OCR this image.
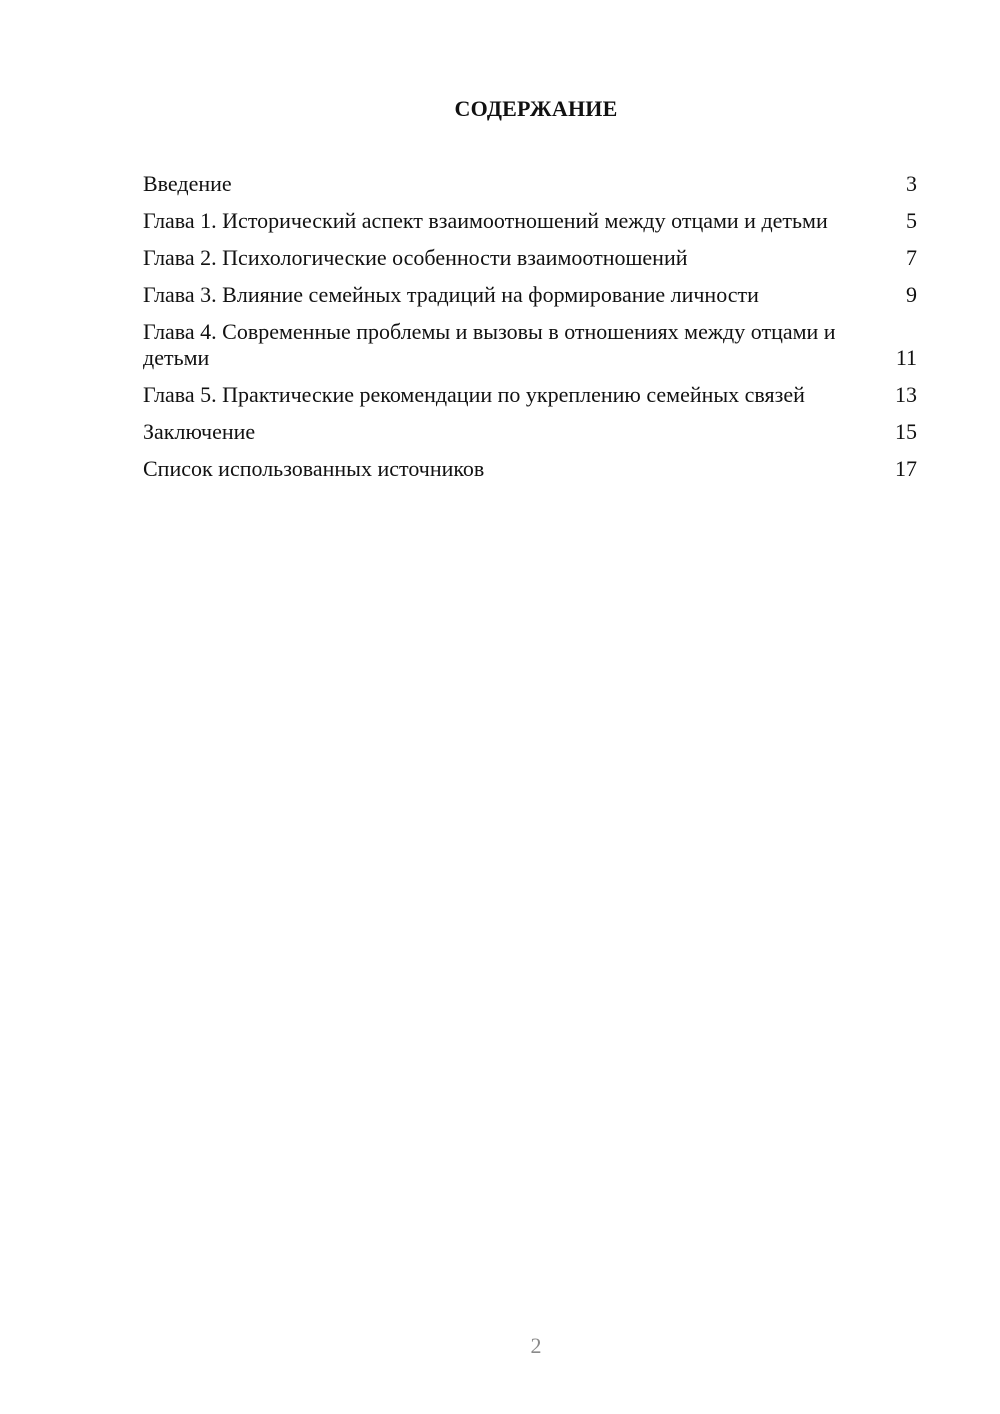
СОДЕРЖАНИЕ
Введение	3
Глава 1. Исторический аспект взаимоотношений между отцами и детьми	5
Глава 2. Психологические особенности взаимоотношений	7
Глава 3. Влияние семейных традиций на формирование личности	9
Глава 4. Современные проблемы и вызовы в отношениях между отцами и детьми	11
Глава 5. Практические рекомендации по укреплению семейных связей	13
Заключение	15
Список использованных источников	17
2
